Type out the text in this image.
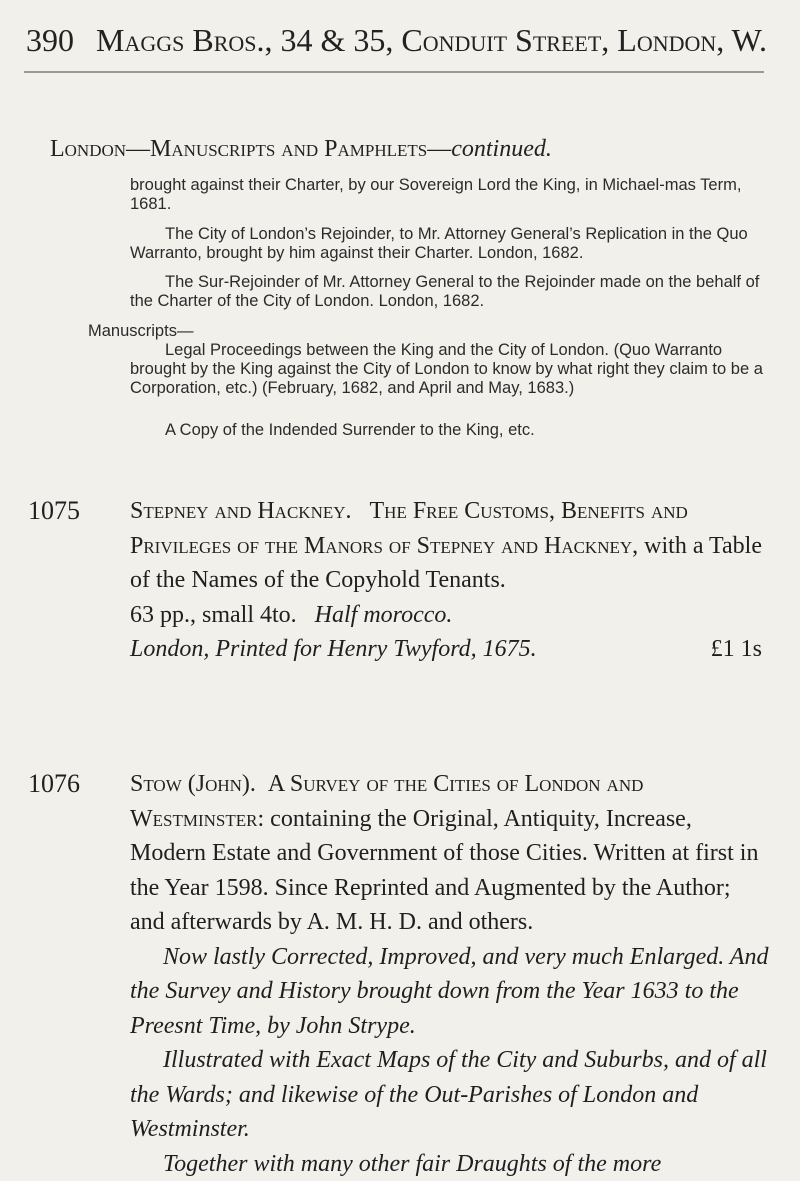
390 Maggs Bros., 34 & 35, Conduit Street, London, W.
London—Manuscripts and Pamphlets—continued.
brought against their Charter, by our Sovereign Lord the King, in Michael-mas Term, 1681.
The City of London’s Rejoinder, to Mr. Attorney General’s Replication in the Quo Warranto, brought by him against their Charter. London, 1682.
The Sur-Rejoinder of Mr. Attorney General to the Rejoinder made on the behalf of the Charter of the City of London. London, 1682.
Manuscripts—
Legal Proceedings between the King and the City of London. (Quo Warranto brought by the King against the City of London to know by what right they claim to be a Corporation, etc.) (February, 1682, and April and May, 1683.)
A Copy of the Indended Surrender to the King, etc.
1075 Stepney and Hackney. The Free Customs, Benefits and Privileges of the Manors of Stepney and Hackney, with a Table of the Names of the Copyhold Tenants.
63 pp., small 4to. Half morocco.
London, Printed for Henry Twyford, 1675.	£1 1s
1076 Stow (John). A Survey of the Cities of London and Westminster: containing the Original, Antiquity, Increase, Modern Estate and Government of those Cities. Written at first in the Year 1598. Since Reprinted and Augmented by the Author; and afterwards by A. M. H. D. and others.
Now lastly Corrected, Improved, and very much Enlarged. And the Survey and History brought down from the Year 1633 to the Preesnt Time, by John Strype.
Illustrated with Exact Maps of the City and Suburbs, and of all the Wards; and likewise of the Out-Parishes of London and Westminster.
Together with many other fair Draughts of the more
